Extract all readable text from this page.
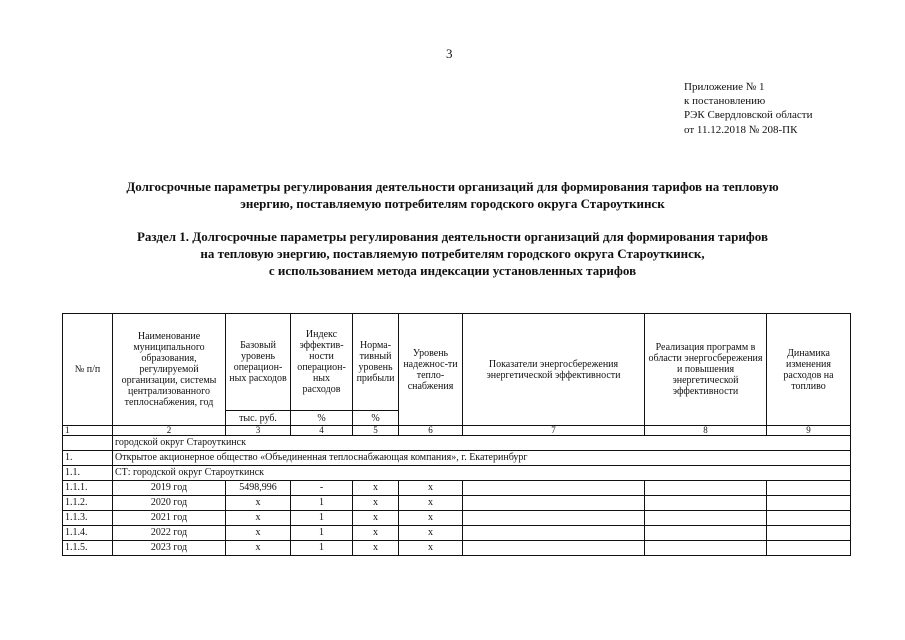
3
Приложение № 1
к постановлению
РЭК Свердловской области
от 11.12.2018 № 208-ПК
Долгосрочные параметры регулирования деятельности организаций для формирования тарифов на тепловую
энергию, поставляемую потребителям городского округа Староуткинск
Раздел 1. Долгосрочные параметры регулирования деятельности организаций для формирования тарифов
на тепловую энергию, поставляемую потребителям городского округа Староуткинск,
с использованием метода индексации установленных тарифов
№ п/п	Наименование муниципального образования, регулируемой организации, системы централизованного теплоснабжения, год	Базовый уровень операцион-ных расходов	Индекс эффектив-ности операцион-ных расходов	Норма-тивный уровень прибыли	Уровень надежнос-ти тепло-снабжения	Показатели энергосбережения энергетической эффективности	Реализация программ в области энергосбережения и повышения энергетической эффективности	Динамика изменения расходов на топливо
		тыс. руб.	%	%				
1	2	3	4	5	6	7	8	9
	городской округ Староуткинск							
1.	Открытое акционерное общество «Объединенная теплоснабжающая компания», г. Екатеринбург							
1.1.	СТ: городской округ Староуткинск							
1.1.1.	2019 год	5498,996	-	x	x			
1.1.2.	2020 год	x	1	x	x			
1.1.3.	2021 год	x	1	x	x			
1.1.4.	2022 год	x	1	x	x			
1.1.5.	2023 год	x	1	x	x			
